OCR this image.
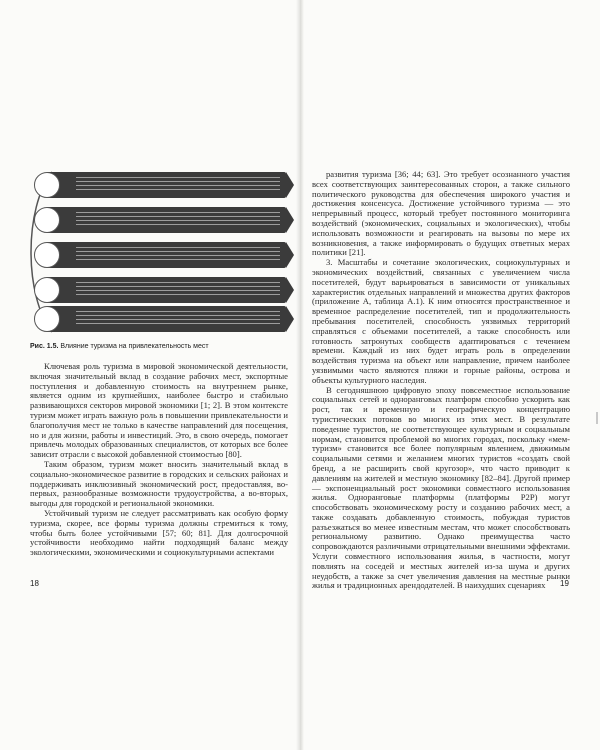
Рис. 1.5. Влияние туризма на привлекательность мест

Ключевая роль туризма в мировой экономической деятельности, включая значительный вклад в создание рабочих мест, экспортные поступления и добавленную стоимость на внутреннем рынке, является одним из крупнейших, наиболее быстро и стабильно развивающихся секторов мировой экономики [1; 2]. В этом контексте туризм может играть важную роль в повышении привлекательности и благополучия мест не только в качестве направлений для посещения, но и для жизни, работы и инвестиций. Это, в свою очередь, помогает привлечь молодых образованных специалистов, от которых все более зависит отрасли с высокой добавленной стоимостью [80].

Таким образом, туризм может вносить значительный вклад в социально-экономическое развитие в городских и сельских районах и поддерживать инклюзивный экономический рост, предоставляя, во-первых, разнообразные возможности трудоустройства, а во-вторых, выгоды для городской и региональной экономики.

Устойчивый туризм не следует рассматривать как особую форму туризма, скорее, все формы туризма должны стремиться к тому, чтобы быть более устойчивыми [57; 60; 81]. Для долгосрочной устойчивости необходимо найти подходящий баланс между экологическими, экономическими и социокультурными аспектами

развития туризма [36; 44; 63]. Это требует осознанного участия всех соответствующих заинтересованных сторон, а также сильного политического руководства для обеспечения широкого участия и достижения консенсуса. Достижение устойчивого туризма — это непрерывный процесс, который требует постоянного мониторинга воздействий (экономических, социальных и экологических), чтобы использовать возможности и реагировать на вызовы по мере их возникновения, а также информировать о будущих ответных мерах политики [21].

3. Масштабы и сочетание экологических, социокультурных и экономических воздействий, связанных с увеличением числа посетителей, будут варьироваться в зависимости от уникальных характеристик отдельных направлений и множества других факторов (приложение А, таблица А.1). К ним относятся пространственное и временное распределение посетителей, тип и продолжительность пребывания посетителей, способность уязвимых территорий справляться с объемами посетителей, а также способность или готовность затронутых сообществ адаптироваться с течением времени. Каждый из них будет играть роль в определении воздействия туризма на объект или направление, причем наиболее уязвимыми часто являются пляжи и горные районы, острова и объекты культурного наследия.

В сегодняшнюю цифровую эпоху повсеместное использование социальных сетей и одноранговых платформ способно ускорить как рост, так и временную и географическую концентрацию туристических потоков во многих из этих мест. В результате поведение туристов, не соответствующее культурным и социальным нормам, становится проблемой во многих городах, поскольку «мем-туризм» становится все более популярным явлением, движимым социальными сетями и желанием многих туристов «создать свой бренд, а не расширить свой кругозор», что часто приводит к давлениям на жителей и местную экономику [82–84]. Другой пример — экспоненциальный рост экономики совместного использования жилья. Одноранговые платформы (платформы P2P) могут способствовать экономическому росту и созданию рабочих мест, а также создавать добавленную стоимость, побуждая туристов разъезжаться во менее известным местам, что может способствовать региональному развитию. Однако преимущества часто сопровождаются различными отрицательными внешними эффектами. Услуги совместного использования жилья, в частности, могут повлиять на соседей и местных жителей из-за шума и других неудобств, а также за счет увеличения давления на местные рынки жилья и традиционных арендодателей. В наихудших сценариях

18	19
